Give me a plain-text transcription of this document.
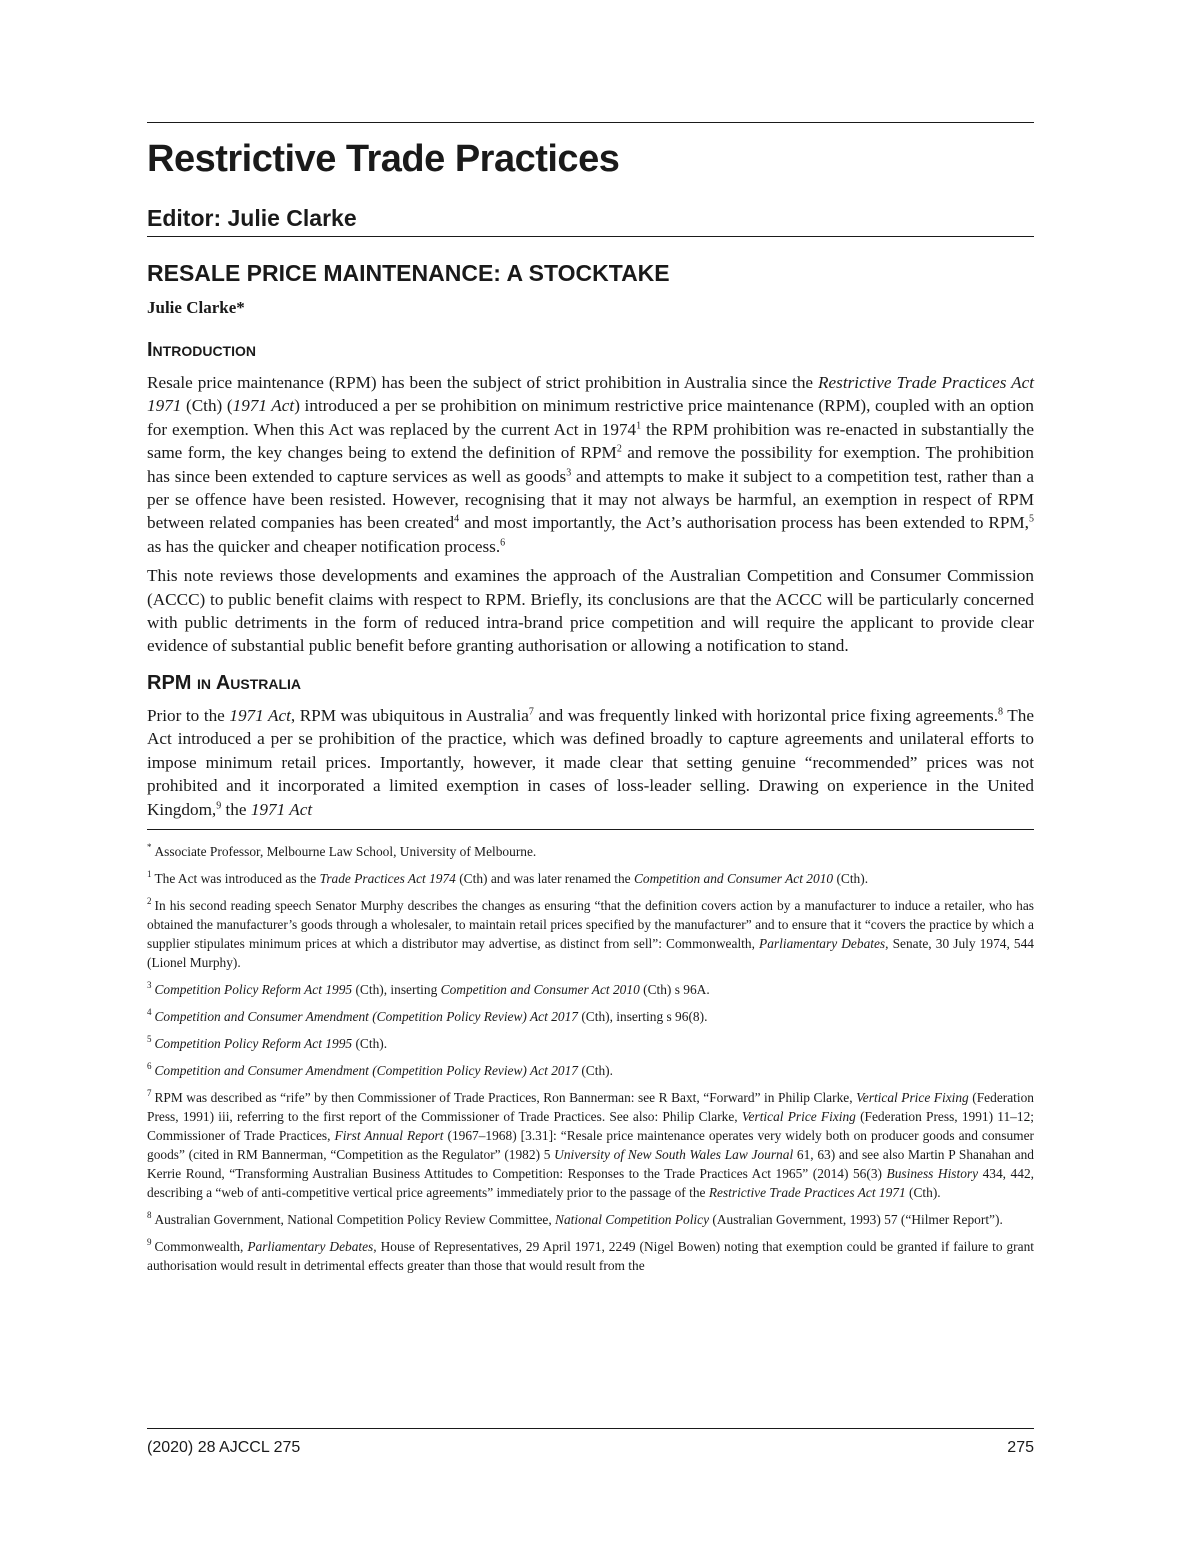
Restrictive Trade Practices
Editor: Julie Clarke
RESALE PRICE MAINTENANCE: A STOCKTAKE
Julie Clarke*
Introduction

Resale price maintenance (RPM) has been the subject of strict prohibition in Australia since the Restrictive Trade Practices Act 1971 (Cth) (1971 Act) introduced a per se prohibition on minimum restrictive price maintenance (RPM), coupled with an option for exemption. When this Act was replaced by the current Act in 1974$^1$ the RPM prohibition was re-enacted in substantially the same form, the key changes being to extend the definition of RPM$^2$ and remove the possibility for exemption. The prohibition has since been extended to capture services as well as goods$^3$ and attempts to make it subject to a competition test, rather than a per se offence have been resisted. However, recognising that it may not always be harmful, an exemption in respect of RPM between related companies has been created$^4$ and most importantly, the Act’s authorisation process has been extended to RPM,$^5$ as has the quicker and cheaper notification process.$^6$

This note reviews those developments and examines the approach of the Australian Competition and Consumer Commission (ACCC) to public benefit claims with respect to RPM. Briefly, its conclusions are that the ACCC will be particularly concerned with public detriments in the form of reduced intra-brand price competition and will require the applicant to provide clear evidence of substantial public benefit before granting authorisation or allowing a notification to stand.

RPM in Australia

Prior to the 1971 Act, RPM was ubiquitous in Australia$^7$ and was frequently linked with horizontal price fixing agreements.$^8$ The Act introduced a per se prohibition of the practice, which was defined broadly to capture agreements and unilateral efforts to impose minimum retail prices. Importantly, however, it made clear that setting genuine “recommended” prices was not prohibited and it incorporated a limited exemption in cases of loss-leader selling. Drawing on experience in the United Kingdom,$^9$ the 1971 Act

* Associate Professor, Melbourne Law School, University of Melbourne.

$^1$ The Act was introduced as the Trade Practices Act 1974 (Cth) and was later renamed the Competition and Consumer Act 2010 (Cth).

$^2$ In his second reading speech Senator Murphy describes the changes as ensuring “that the definition covers action by a manufacturer to induce a retailer, who has obtained the manufacturer’s goods through a wholesaler, to maintain retail prices specified by the manufacturer” and to ensure that it “covers the practice by which a supplier stipulates minimum prices at which a distributor may advertise, as distinct from sell”: Commonwealth, Parliamentary Debates, Senate, 30 July 1974, 544 (Lionel Murphy).

$^3$ Competition Policy Reform Act 1995 (Cth), inserting Competition and Consumer Act 2010 (Cth) s 96A.

$^4$ Competition and Consumer Amendment (Competition Policy Review) Act 2017 (Cth), inserting s 96(8).

$^5$ Competition Policy Reform Act 1995 (Cth).

$^6$ Competition and Consumer Amendment (Competition Policy Review) Act 2017 (Cth).

$^7$ RPM was described as “rife” by then Commissioner of Trade Practices, Ron Bannerman: see R Baxt, “Forward” in Philip Clarke, Vertical Price Fixing (Federation Press, 1991) iii, referring to the first report of the Commissioner of Trade Practices. See also: Philip Clarke, Vertical Price Fixing (Federation Press, 1991) 11–12; Commissioner of Trade Practices, First Annual Report (1967–1968) [3.31]: “Resale price maintenance operates very widely both on producer goods and consumer goods” (cited in RM Bannerman, “Competition as the Regulator” (1982) 5 University of New South Wales Law Journal 61, 63) and see also Martin P Shanahan and Kerrie Round, “Transforming Australian Business Attitudes to Competition: Responses to the Trade Practices Act 1965” (2014) 56(3) Business History 434, 442, describing a “web of anti-competitive vertical price agreements” immediately prior to the passage of the Restrictive Trade Practices Act 1971 (Cth).

$^8$ Australian Government, National Competition Policy Review Committee, National Competition Policy (Australian Government, 1993) 57 (“Hilmer Report”).

$^9$ Commonwealth, Parliamentary Debates, House of Representatives, 29 April 1971, 2249 (Nigel Bowen) noting that exemption could be granted if failure to grant authorisation would result in detrimental effects greater than those that would result from the

(2020) 28 AJCCL 275	275
